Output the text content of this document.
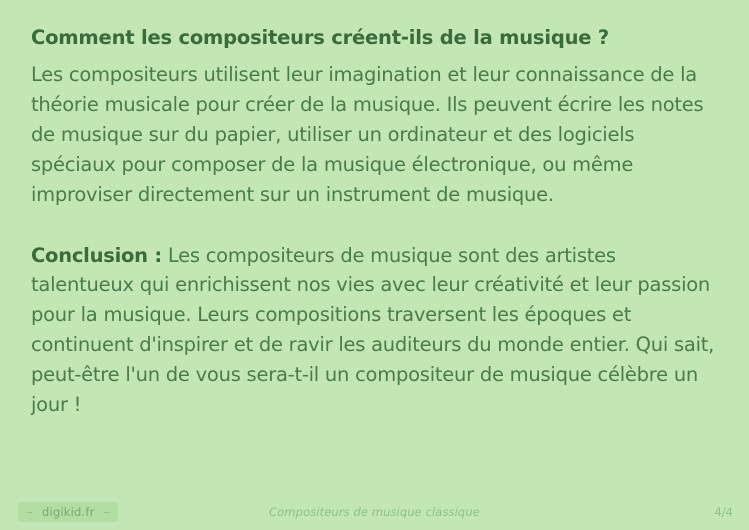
Comment les compositeurs créent-ils de la musique ?

Les compositeurs utilisent leur imagination et leur connaissance de la théorie musicale pour créer de la musique. Ils peuvent écrire les notes de musique sur du papier, utiliser un ordinateur et des logiciels spéciaux pour composer de la musique électronique, ou même improviser directement sur un instrument de musique.

Conclusion : Les compositeurs de musique sont des artistes talentueux qui enrichissent nos vies avec leur créativité et leur passion pour la musique. Leurs compositions traversent les époques et continuent d'inspirer et de ravir les auditeurs du monde entier. Qui sait, peut-être l'un de vous sera-t-il un compositeur de musique célèbre un jour !

– digikid.fr –	Compositeurs de musique classique	4/4
